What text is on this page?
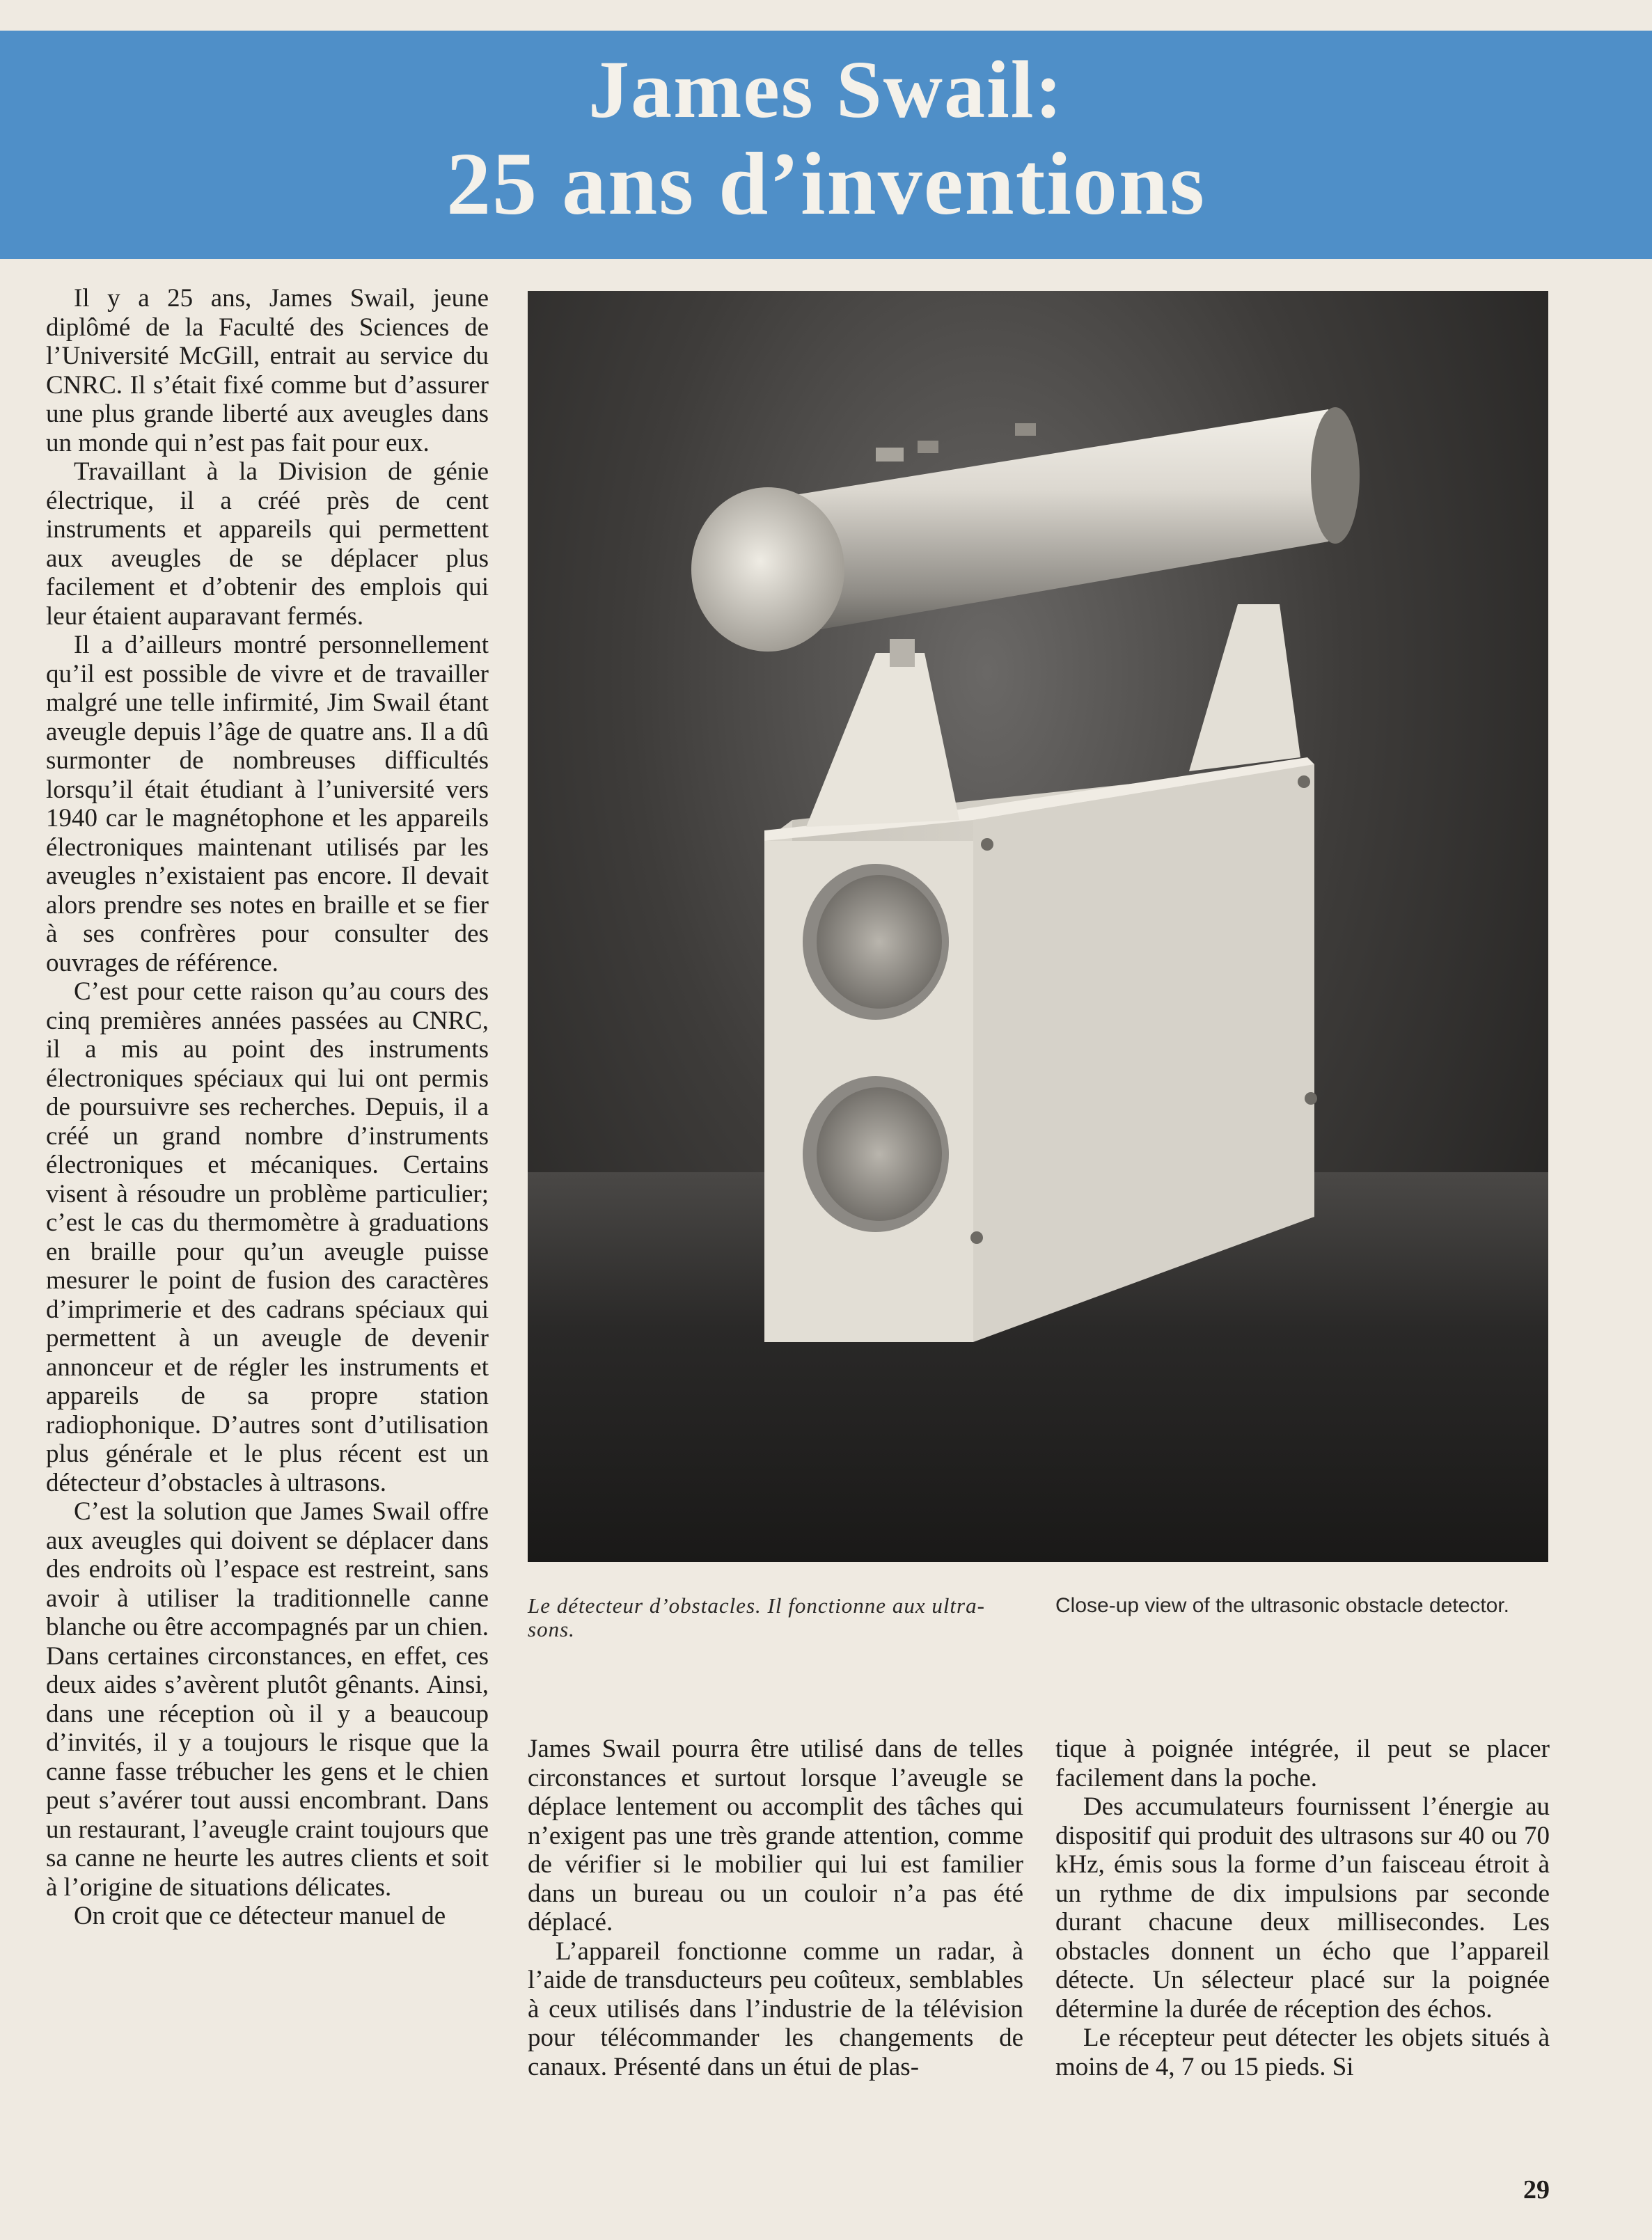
James Swail:
25 ans d’inventions

Il y a 25 ans, James Swail, jeune diplômé de la Faculté des Sciences de l’Université McGill, entrait au service du CNRC. Il s’était fixé comme but d’assurer une plus grande liberté aux aveugles dans un monde qui n’est pas fait pour eux.

Travaillant à la Division de génie électrique, il a créé près de cent instruments et appareils qui permettent aux aveugles de se déplacer plus facilement et d’obtenir des emplois qui leur étaient auparavant fermés.

Il a d’ailleurs montré personnellement qu’il est possible de vivre et de travailler malgré une telle infirmité, Jim Swail étant aveugle depuis l’âge de quatre ans. Il a dû surmonter de nombreuses difficultés lorsqu’il était étudiant à l’université vers 1940 car le magnétophone et les appareils électroniques maintenant utilisés par les aveugles n’existaient pas encore. Il devait alors prendre ses notes en braille et se fier à ses confrères pour consulter des ouvrages de référence.

C’est pour cette raison qu’au cours des cinq premières années passées au CNRC, il a mis au point des instruments électroniques spéciaux qui lui ont permis de poursuivre ses recherches. Depuis, il a créé un grand nombre d’instruments électroniques et mécaniques. Certains visent à résoudre un problème particulier; c’est le cas du thermomètre à graduations en braille pour qu’un aveugle puisse mesurer le point de fusion des caractères d’imprimerie et des cadrans spéciaux qui permettent à un aveugle de devenir annonceur et de régler les instruments et appareils de sa propre station radiophonique. D’autres sont d’utilisation plus générale et le plus récent est un détecteur d’obstacles à ultrasons.

C’est la solution que James Swail offre aux aveugles qui doivent se déplacer dans des endroits où l’espace est restreint, sans avoir à utiliser la traditionnelle canne blanche ou être accompagnés par un chien. Dans certaines circonstances, en effet, ces deux aides s’avèrent plutôt gênants. Ainsi, dans une réception où il y a beaucoup d’invités, il y a toujours le risque que la canne fasse trébucher les gens et le chien peut s’avérer tout aussi encombrant. Dans un restaurant, l’aveugle craint toujours que sa canne ne heurte les autres clients et soit à l’origine de situations délicates.

On croit que ce détecteur manuel de

Le détecteur d’obstacles. Il fonctionne aux ultra-sons.
Close-up view of the ultrasonic obstacle detector.

James Swail pourra être utilisé dans de telles circonstances et surtout lorsque l’aveugle se déplace lentement ou accomplit des tâches qui n’exigent pas une très grande attention, comme de vérifier si le mobilier qui lui est familier dans un bureau ou un couloir n’a pas été déplacé.

L’appareil fonctionne comme un radar, à l’aide de transducteurs peu coûteux, semblables à ceux utilisés dans l’industrie de la télévision pour télécommander les changements de canaux. Présenté dans un étui de plas-

tique à poignée intégrée, il peut se placer facilement dans la poche.

Des accumulateurs fournissent l’énergie au dispositif qui produit des ultrasons sur 40 ou 70 kHz, émis sous la forme d’un faisceau étroit à un rythme de dix impulsions par seconde durant chacune deux millisecondes. Les obstacles donnent un écho que l’appareil détecte. Un sélecteur placé sur la poignée détermine la durée de réception des échos.

Le récepteur peut détecter les objets situés à moins de 4, 7 ou 15 pieds. Si

29
